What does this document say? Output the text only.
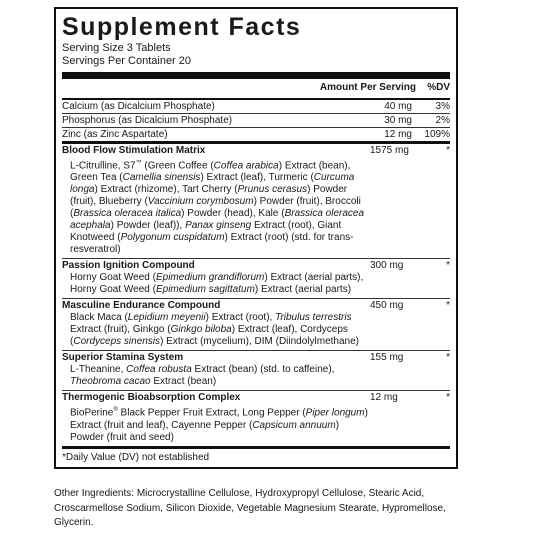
Supplement Facts
Serving Size 3 Tablets
Servings Per Container 20
Amount Per Serving	%DV
Calcium (as Dicalcium Phosphate)	40 mg	3%
Phosphorus (as Dicalcium Phosphate)	30 mg	2%
Zinc (as Zinc Aspartate)	12 mg	109%
Blood Flow Stimulation Matrix	1575 mg	*
L-Citrulline, S7™ (Green Coffee (Coffea arabica) Extract (bean), Green Tea (Camellia sinensis) Extract (leaf), Turmeric (Curcuma longa) Extract (rhizome), Tart Cherry (Prunus cerasus) Powder (fruit), Blueberry (Vaccinium corymbosum) Powder (fruit), Broccoli (Brassica oleracea italica) Powder (head), Kale (Brassica oleracea acephala) Powder (leaf)), Panax ginseng Extract (root), Giant Knotweed (Polygonum cuspidatum) Extract (root) (std. for trans-resveratrol)
Passion Ignition Compound	300 mg	*
Horny Goat Weed (Epimedium grandiflorum) Extract (aerial parts), Horny Goat Weed (Epimedium sagittatum) Extract (aerial parts)
Masculine Endurance Compound	450 mg	*
Black Maca (Lepidium meyenii) Extract (root), Tribulus terrestris Extract (fruit), Ginkgo (Ginkgo biloba) Extract (leaf), Cordyceps (Cordyceps sinensis) Extract (mycelium), DIM (Diindolylmethane)
Superior Stamina System	155 mg	*
L-Theanine, Coffea robusta Extract (bean) (std. to caffeine), Theobroma cacao Extract (bean)
Thermogenic Bioabsorption Complex	12 mg	*
BioPerine® Black Pepper Fruit Extract, Long Pepper (Piper longum) Extract (fruit and leaf), Cayenne Pepper (Capsicum annuum) Powder (fruit and seed)
*Daily Value (DV) not established
Other Ingredients: Microcrystalline Cellulose, Hydroxypropyl Cellulose, Stearic Acid, Croscarmellose Sodium, Silicon Dioxide, Vegetable Magnesium Stearate, Hypromellose, Glycerin.
